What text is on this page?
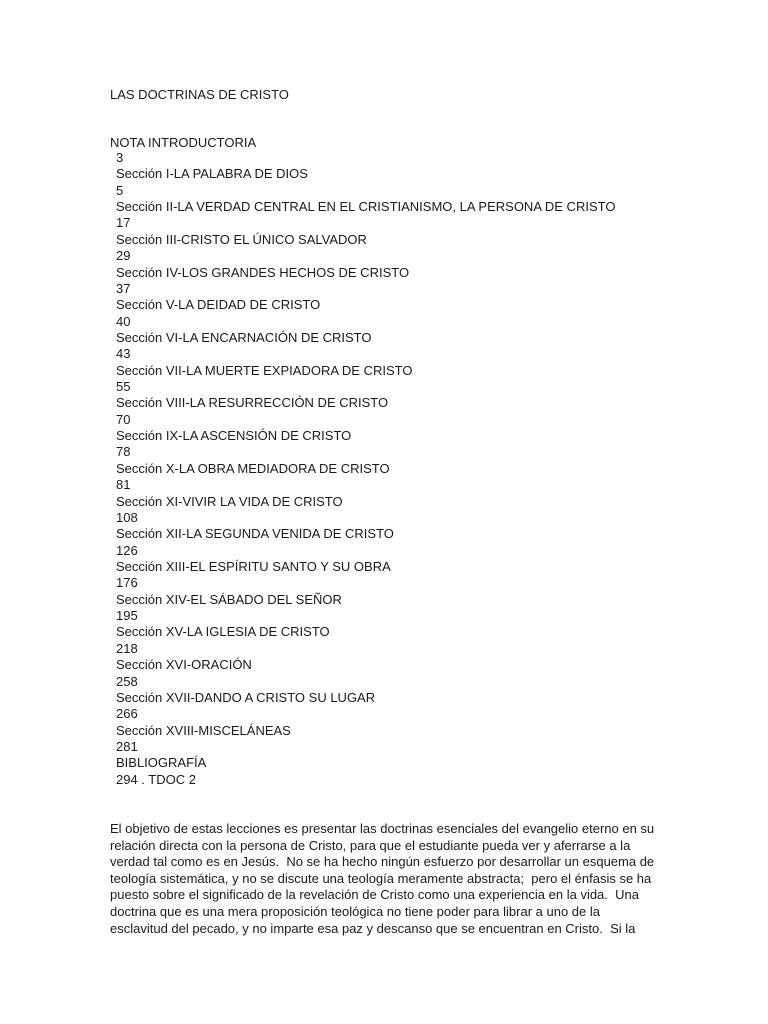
LAS DOCTRINAS DE CRISTO
NOTA INTRODUCTORIA
3
Sección I-LA PALABRA DE DIOS
5
Sección II-LA VERDAD CENTRAL EN EL CRISTIANISMO, LA PERSONA DE CRISTO
17
Sección III-CRISTO EL ÚNICO SALVADOR
29
Sección IV-LOS GRANDES HECHOS DE CRISTO
37
Sección V-LA DEIDAD DE CRISTO
40
Sección VI-LA ENCARNACIÓN DE CRISTO
43
Sección VII-LA MUERTE EXPIADORA DE CRISTO
55
Sección VIII-LA RESURRECCIÓN DE CRISTO
70
Sección IX-LA ASCENSIÓN DE CRISTO
78
Sección X-LA OBRA MEDIADORA DE CRISTO
81
Sección XI-VIVIR LA VIDA DE CRISTO
108
Sección XII-LA SEGUNDA VENIDA DE CRISTO
126
Sección XIII-EL ESPÍRITU SANTO Y SU OBRA
176
Sección XIV-EL SÁBADO DEL SEÑOR
195
Sección XV-LA IGLESIA DE CRISTO
218
Sección XVI-ORACIÓN
258
Sección XVII-DANDO A CRISTO SU LUGAR
266
Sección XVIII-MISCELÁNEAS
281
BIBLIOGRAFÍA
294 . TDOC 2
El objetivo de estas lecciones es presentar las doctrinas esenciales del evangelio eterno en su
relación directa con la persona de Cristo, para que el estudiante pueda ver y aferrarse a la
verdad tal como es en Jesús.  No se ha hecho ningún esfuerzo por desarrollar un esquema de
teología sistemática, y no se discute una teología meramente abstracta;  pero el énfasis se ha
puesto sobre el significado de la revelación de Cristo como una experiencia en la vida.  Una
doctrina que es una mera proposición teológica no tiene poder para librar a uno de la
esclavitud del pecado, y no imparte esa paz y descanso que se encuentran en Cristo.  Si la
